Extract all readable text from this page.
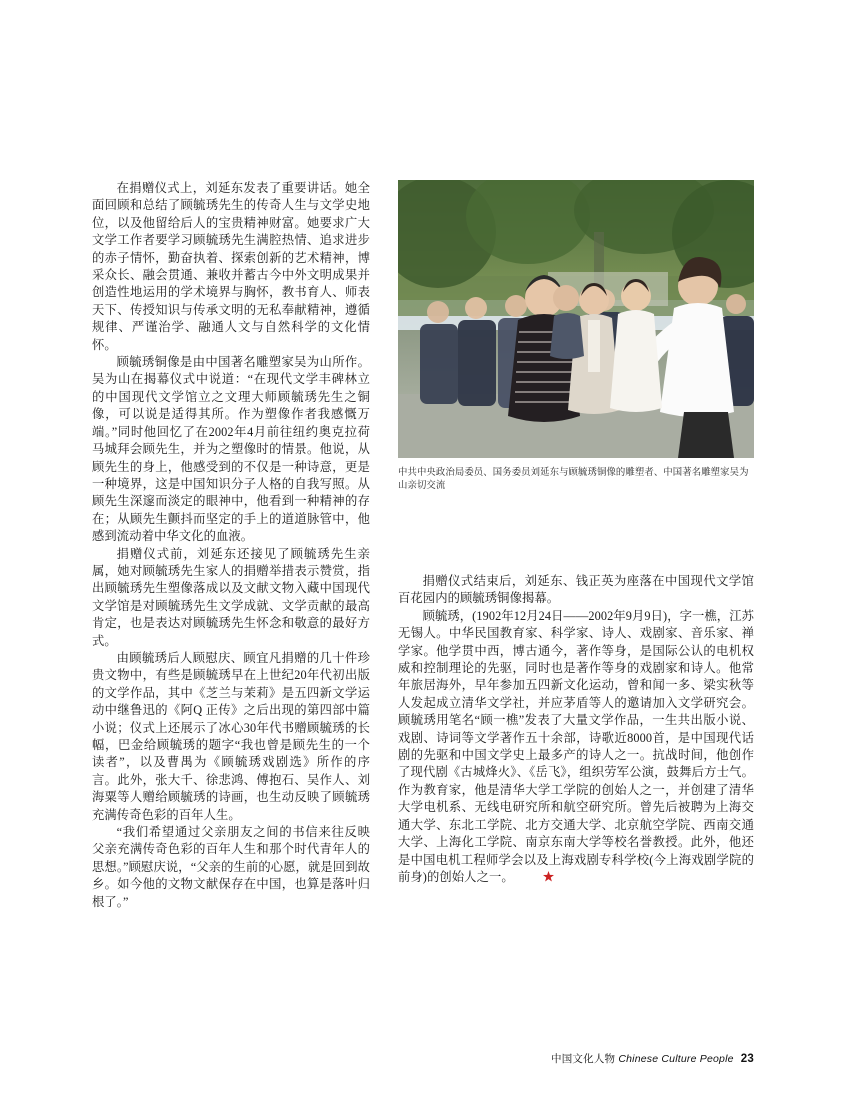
在捐赠仪式上，刘延东发表了重要讲话。她全面回顾和总结了顾毓琇先生的传奇人生与文学史地位，以及他留给后人的宝贵精神财富。她要求广大文学工作者要学习顾毓琇先生满腔热情、追求进步的赤子情怀，勤奋执着、探索创新的艺术精神，博采众长、融会贯通、兼收并蓄古今中外文明成果并创造性地运用的学术境界与胸怀，教书育人、师表天下、传授知识与传承文明的无私奉献精神，遵循规律、严谨治学、融通人文与自然科学的文化情怀。

顾毓琇铜像是由中国著名雕塑家吴为山所作。吴为山在揭幕仪式中说道：“在现代文学丰碑林立的中国现代文学馆立之文理大师顾毓琇先生之铜像，可以说是适得其所。作为塑像作者我感慨万端。”同时他回忆了在2002年4月前往纽约奥克拉荷马城拜会顾先生，并为之塑像时的情景。他说，从顾先生的身上，他感受到的不仅是一种诗意，更是一种境界，这是中国知识分子人格的自我写照。从顾先生深邃而淡定的眼神中，他看到一种精神的存在；从顾先生颤抖而坚定的手上的道道脉管中，他感到流动着中华文化的血液。

捐赠仪式前，刘延东还接见了顾毓琇先生亲属，她对顾毓琇先生家人的捐赠举措表示赞赏，指出顾毓琇先生塑像落成以及文献文物入藏中国现代文学馆是对顾毓琇先生文学成就、文学贡献的最高肯定，也是表达对顾毓琇先生怀念和敬意的最好方式。

由顾毓琇后人顾慰庆、顾宜凡捐赠的几十件珍贵文物中，有些是顾毓琇早在上世纪20年代初出版的文学作品，其中《芝兰与茉莉》是五四新文学运动中继鲁迅的《阿Q 正传》之后出现的第四部中篇小说；仪式上还展示了冰心30年代书赠顾毓琇的长幅，巴金给顾毓琇的题字“我也曾是顾先生的一个读者”，以及曹禺为《顾毓琇戏剧选》所作的序言。此外，张大千、徐悲鸿、傅抱石、吴作人、刘海粟等人赠给顾毓琇的诗画，也生动反映了顾毓琇充满传奇色彩的百年人生。

“我们希望通过父亲朋友之间的书信来往反映父亲充满传奇色彩的百年人生和那个时代青年人的思想。”顾慰庆说，“父亲的生前的心愿，就是回到故乡。如今他的文物文献保存在中国，也算是落叶归根了。”

中共中央政治局委员、国务委员刘延东与顾毓琇铜像的雕塑者、中国著名雕塑家吴为山亲切交流

捐赠仪式结束后，刘延东、钱正英为座落在中国现代文学馆百花园内的顾毓琇铜像揭幕。

顾毓琇，(1902年12月24日——2002年9月9日)，字一樵，江苏无锡人。中华民国教育家、科学家、诗人、戏剧家、音乐家、禅学家。他学贯中西，博古通今，著作等身，是国际公认的电机权威和控制理论的先驱，同时也是著作等身的戏剧家和诗人。他常年旅居海外，早年参加五四新文化运动，曾和闻一多、梁实秋等人发起成立清华文学社，并应茅盾等人的邀请加入文学研究会。顾毓琇用笔名“顾一樵”发表了大量文学作品，一生共出版小说、戏剧、诗词等文学著作五十余部，诗歌近8000首，是中国现代话剧的先驱和中国文学史上最多产的诗人之一。抗战时间，他创作了现代剧《古城烽火》、《岳飞》，组织劳军公演，鼓舞后方士气。作为教育家，他是清华大学工学院的创始人之一，并创建了清华大学电机系、无线电研究所和航空研究所。曾先后被聘为上海交通大学、东北工学院、北方交通大学、北京航空学院、西南交通大学、上海化工学院、南京东南大学等校名誉教授。此外，他还是中国电机工程师学会以及上海戏剧专科学校(今上海戏剧学院的前身)的创始人之一。

中国文化人物 Chinese Culture People 23
